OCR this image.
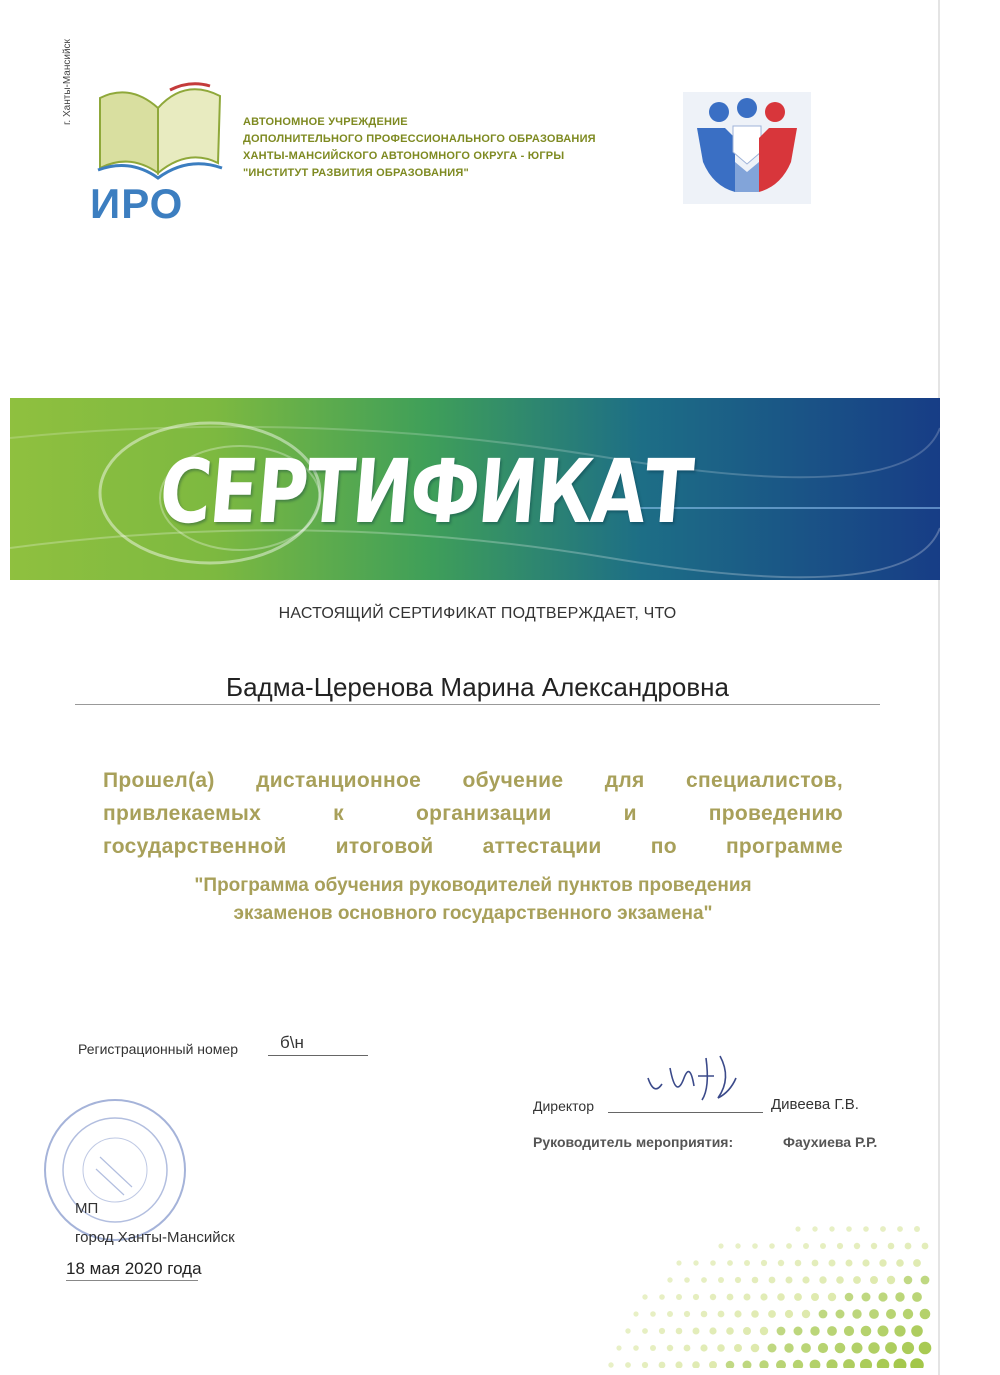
ИРО
г. Ханты-Мансийск	АВТОНОМНОЕ УЧРЕЖДЕНИЕ
ДОПОЛНИТЕЛЬНОГО ПРОФЕССИОНАЛЬНОГО ОБРАЗОВАНИЯ
ХАНТЫ-МАНСИЙСКОГО АВТОНОМНОГО ОКРУГА - ЮГРЫ
"ИНСТИТУТ РАЗВИТИЯ ОБРАЗОВАНИЯ"
СЕРТИФИКАТ
НАСТОЯЩИЙ СЕРТИФИКАТ ПОДТВЕРЖДАЕТ, ЧТО
Бадма-Церенова Марина Александровна
Прошел(а) дистанционное обучение для специалистов,
привлекаемых к организации и проведению
государственной итоговой аттестации по программе
"Программа обучения руководителей пунктов проведения
экзаменов основного государственного экзамена"
Регистрационный номер б\н
Директор	Дивеева Г.В.
Руководитель мероприятия:	Фаухиева Р.Р.
МП
город Ханты-Мансийск
18 мая 2020 года
